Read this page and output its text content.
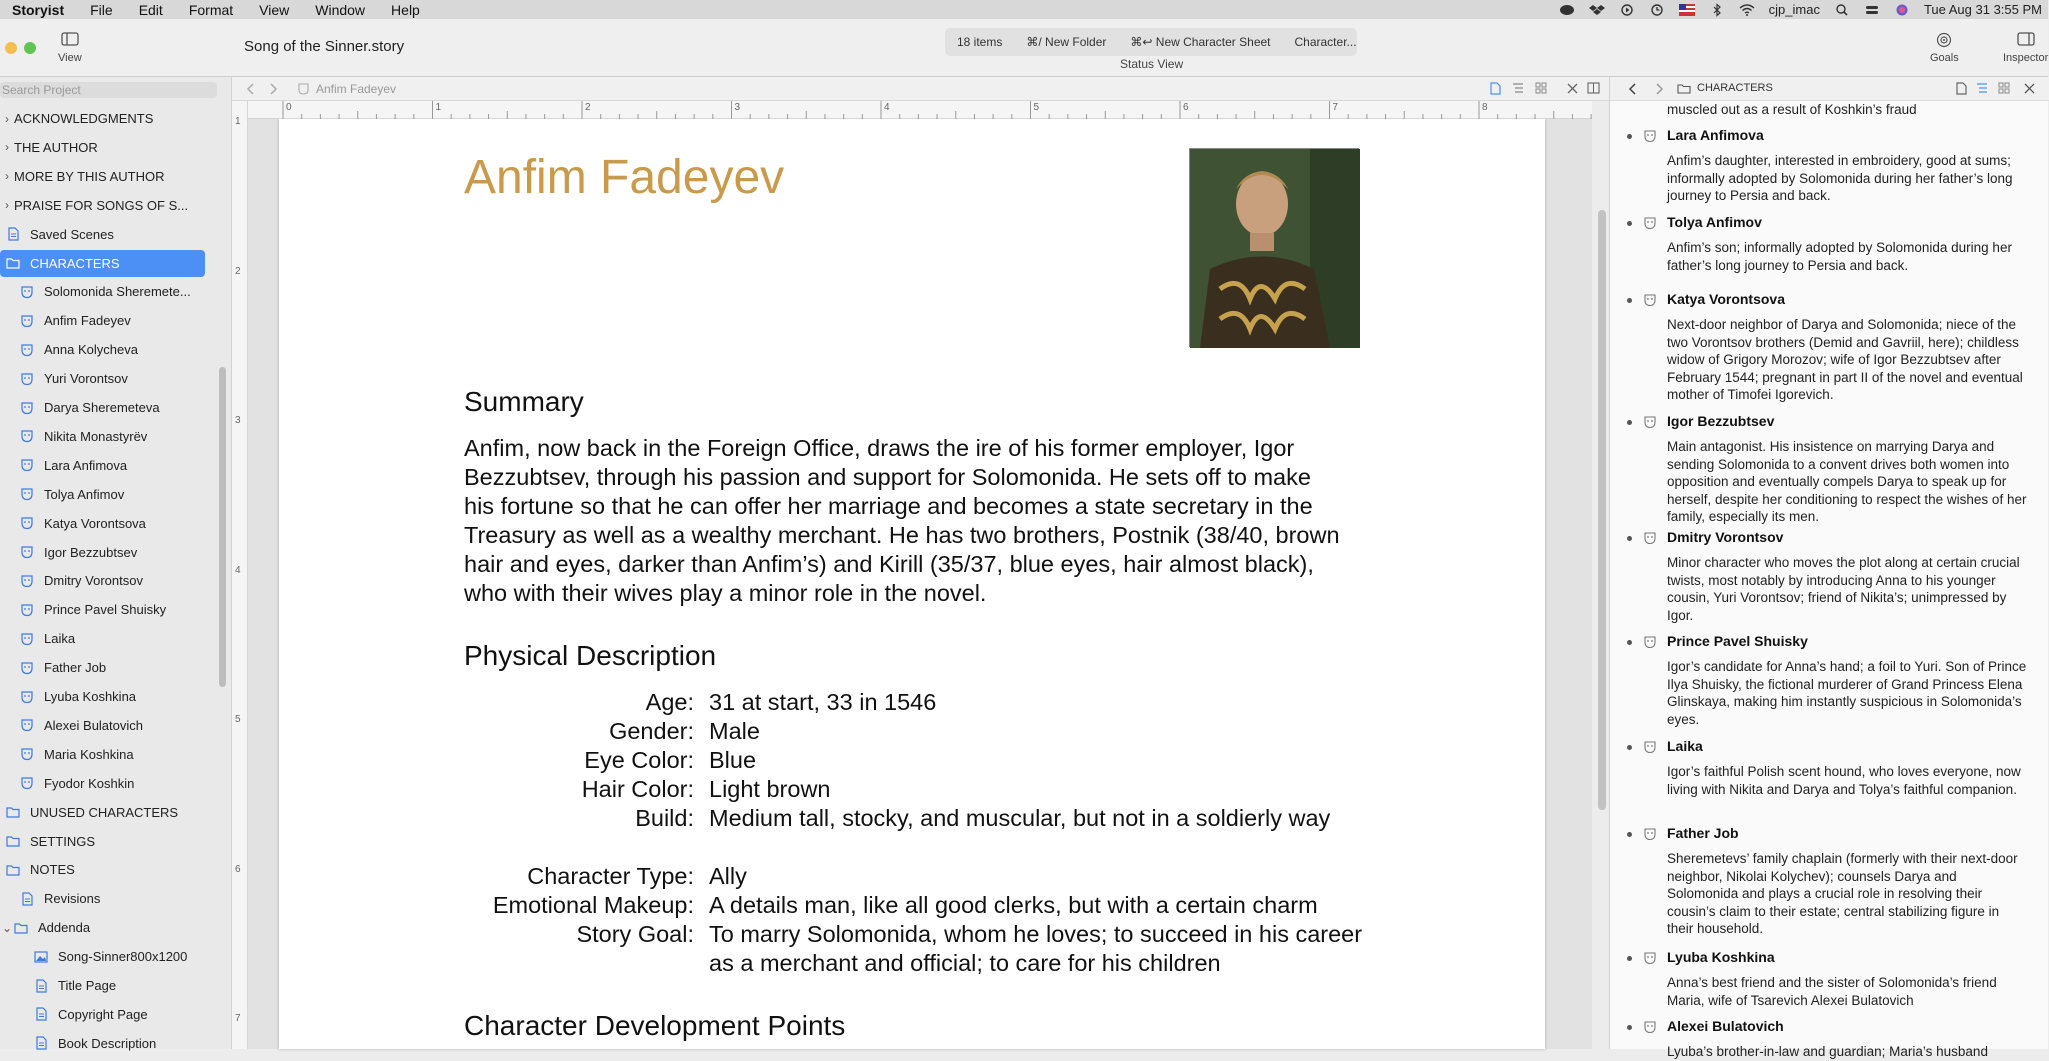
Storyist	File	Edit	Format	View	Window	Help	cjp_imac	Tue Aug 31 3:55 PM
View
Song of the Sinner.story	18 items	⌘/ New Folder	⌘↩ New Character Sheet	Character...
Status View	Goals	Inspector
Search Project
› ACKNOWLEDGMENTS
› THE AUTHOR
› MORE BY THIS AUTHOR
› PRAISE FOR SONGS OF S...
Saved Scenes
CHARACTERS
Solomonida Sheremete...
Anfim Fadeyev
Anna Kolycheva
Yuri Vorontsov
Darya Sheremeteva
Nikita Monastyrëv
Lara Anfimova
Tolya Anfimov
Katya Vorontsova
Igor Bezzubtsev
Dmitry Vorontsov
Prince Pavel Shuisky
Laika
Father Job
Lyuba Koshkina
Alexei Bulatovich
Maria Koshkina
Fyodor Koshkin
UNUSED CHARACTERS
SETTINGS
NOTES
Revisions
⌄ Addenda
Song-Sinner800x1200
Title Page
Copyright Page
Book Description
Anfim Fadeyev
0	1	2	3	4	5	6	7	8
1
2
3
4
5
6
7
Anfim Fadeyev
Summary
Anfim, now back in the Foreign Office, draws the ire of his former employer, Igor Bezzubtsev, through his passion and support for Solomonida. He sets off to make his fortune so that he can offer her marriage and becomes a state secretary in the Treasury as well as a wealthy merchant. He has two brothers, Postnik (38/40, brown hair and eyes, darker than Anfim’s) and Kirill (35/37, blue eyes, hair almost black), who with their wives play a minor role in the novel.
Physical Description
Age: 31 at start, 33 in 1546
Gender: Male
Eye Color: Blue
Hair Color: Light brown
Build: Medium tall, stocky, and muscular, but not in a soldierly way
Character Type: Ally
Emotional Makeup: A details man, like all good clerks, but with a certain charm
Story Goal: To marry Solomonida, whom he loves; to succeed in his career as a merchant and official; to care for his children
Character Development Points
CHARACTERS
muscled out as a result of Koshkin’s fraud
Lara Anfimova
Anfim’s daughter, interested in embroidery, good at sums; informally adopted by Solomonida during her father’s long journey to Persia and back.
Tolya Anfimov
Anfim’s son; informally adopted by Solomonida during her father’s long journey to Persia and back.
Katya Vorontsova
Next-door neighbor of Darya and Solomonida; niece of the two Vorontsov brothers (Demid and Gavriil, here); childless widow of Grigory Morozov; wife of Igor Bezzubtsev after February 1544; pregnant in part II of the novel and eventual mother of Timofei Igorevich.
Igor Bezzubtsev
Main antagonist. His insistence on marrying Darya and sending Solomonida to a convent drives both women into opposition and eventually compels Darya to speak up for herself, despite her conditioning to respect the wishes of her family, especially its men.
Dmitry Vorontsov
Minor character who moves the plot along at certain crucial twists, most notably by introducing Anna to his younger cousin, Yuri Vorontsov; friend of Nikita’s; unimpressed by Igor.
Prince Pavel Shuisky
Igor’s candidate for Anna’s hand; a foil to Yuri. Son of Prince Ilya Shuisky, the fictional murderer of Grand Princess Elena Glinskaya, making him instantly suspicious in Solomonida’s eyes.
Laika
Igor’s faithful Polish scent hound, who loves everyone, now living with Nikita and Darya and Tolya’s faithful companion.
Father Job
Sheremetevs’ family chaplain (formerly with their next-door neighbor, Nikolai Kolychev); counsels Darya and Solomonida and plays a crucial role in resolving their cousin’s claim to their estate; central stabilizing figure in their household.
Lyuba Koshkina
Anna’s best friend and the sister of Solomonida’s friend Maria, wife of Tsarevich Alexei Bulatovich
Alexei Bulatovich
Lyuba’s brother-in-law and guardian; Maria’s husband
